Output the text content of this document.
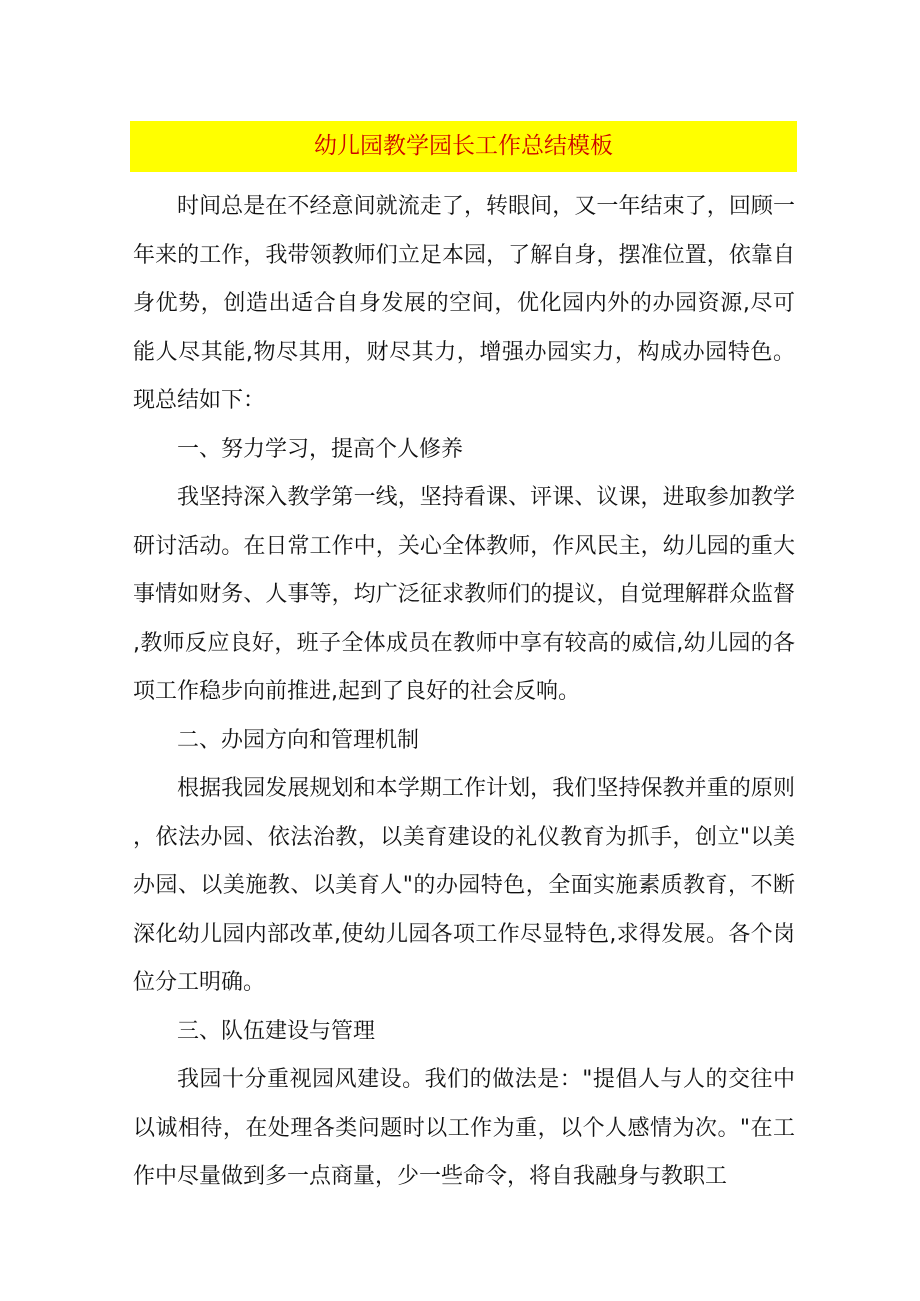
幼儿园教学园长工作总结模板

时间总是在不经意间就流走了，转眼间，又一年结束了，回顾一年来的工作，我带领教师们立足本园，了解自身，摆准位置，依靠自身优势，创造出适合自身发展的空间，优化园内外的办园资源,尽可能人尽其能,物尽其用，财尽其力，增强办园实力，构成办园特色。现总结如下：

一、努力学习，提高个人修养

我坚持深入教学第一线，坚持看课、评课、议课，进取参加教学研讨活动。在日常工作中，关心全体教师，作风民主，幼儿园的重大事情如财务、人事等，均广泛征求教师们的提议，自觉理解群众监督,教师反应良好，班子全体成员在教师中享有较高的威信,幼儿园的各项工作稳步向前推进,起到了良好的社会反响。

二、办园方向和管理机制

根据我园发展规划和本学期工作计划，我们坚持保教并重的原则，依法办园、依法治教，以美育建设的礼仪教育为抓手，创立"以美办园、以美施教、以美育人"的办园特色，全面实施素质教育，不断深化幼儿园内部改革,使幼儿园各项工作尽显特色,求得发展。各个岗位分工明确。

三、队伍建设与管理

我园十分重视园风建设。我们的做法是："提倡人与人的交往中以诚相待，在处理各类问题时以工作为重，以个人感情为次。"在工作中尽量做到多一点商量，少一些命令，将自我融身与教职工
